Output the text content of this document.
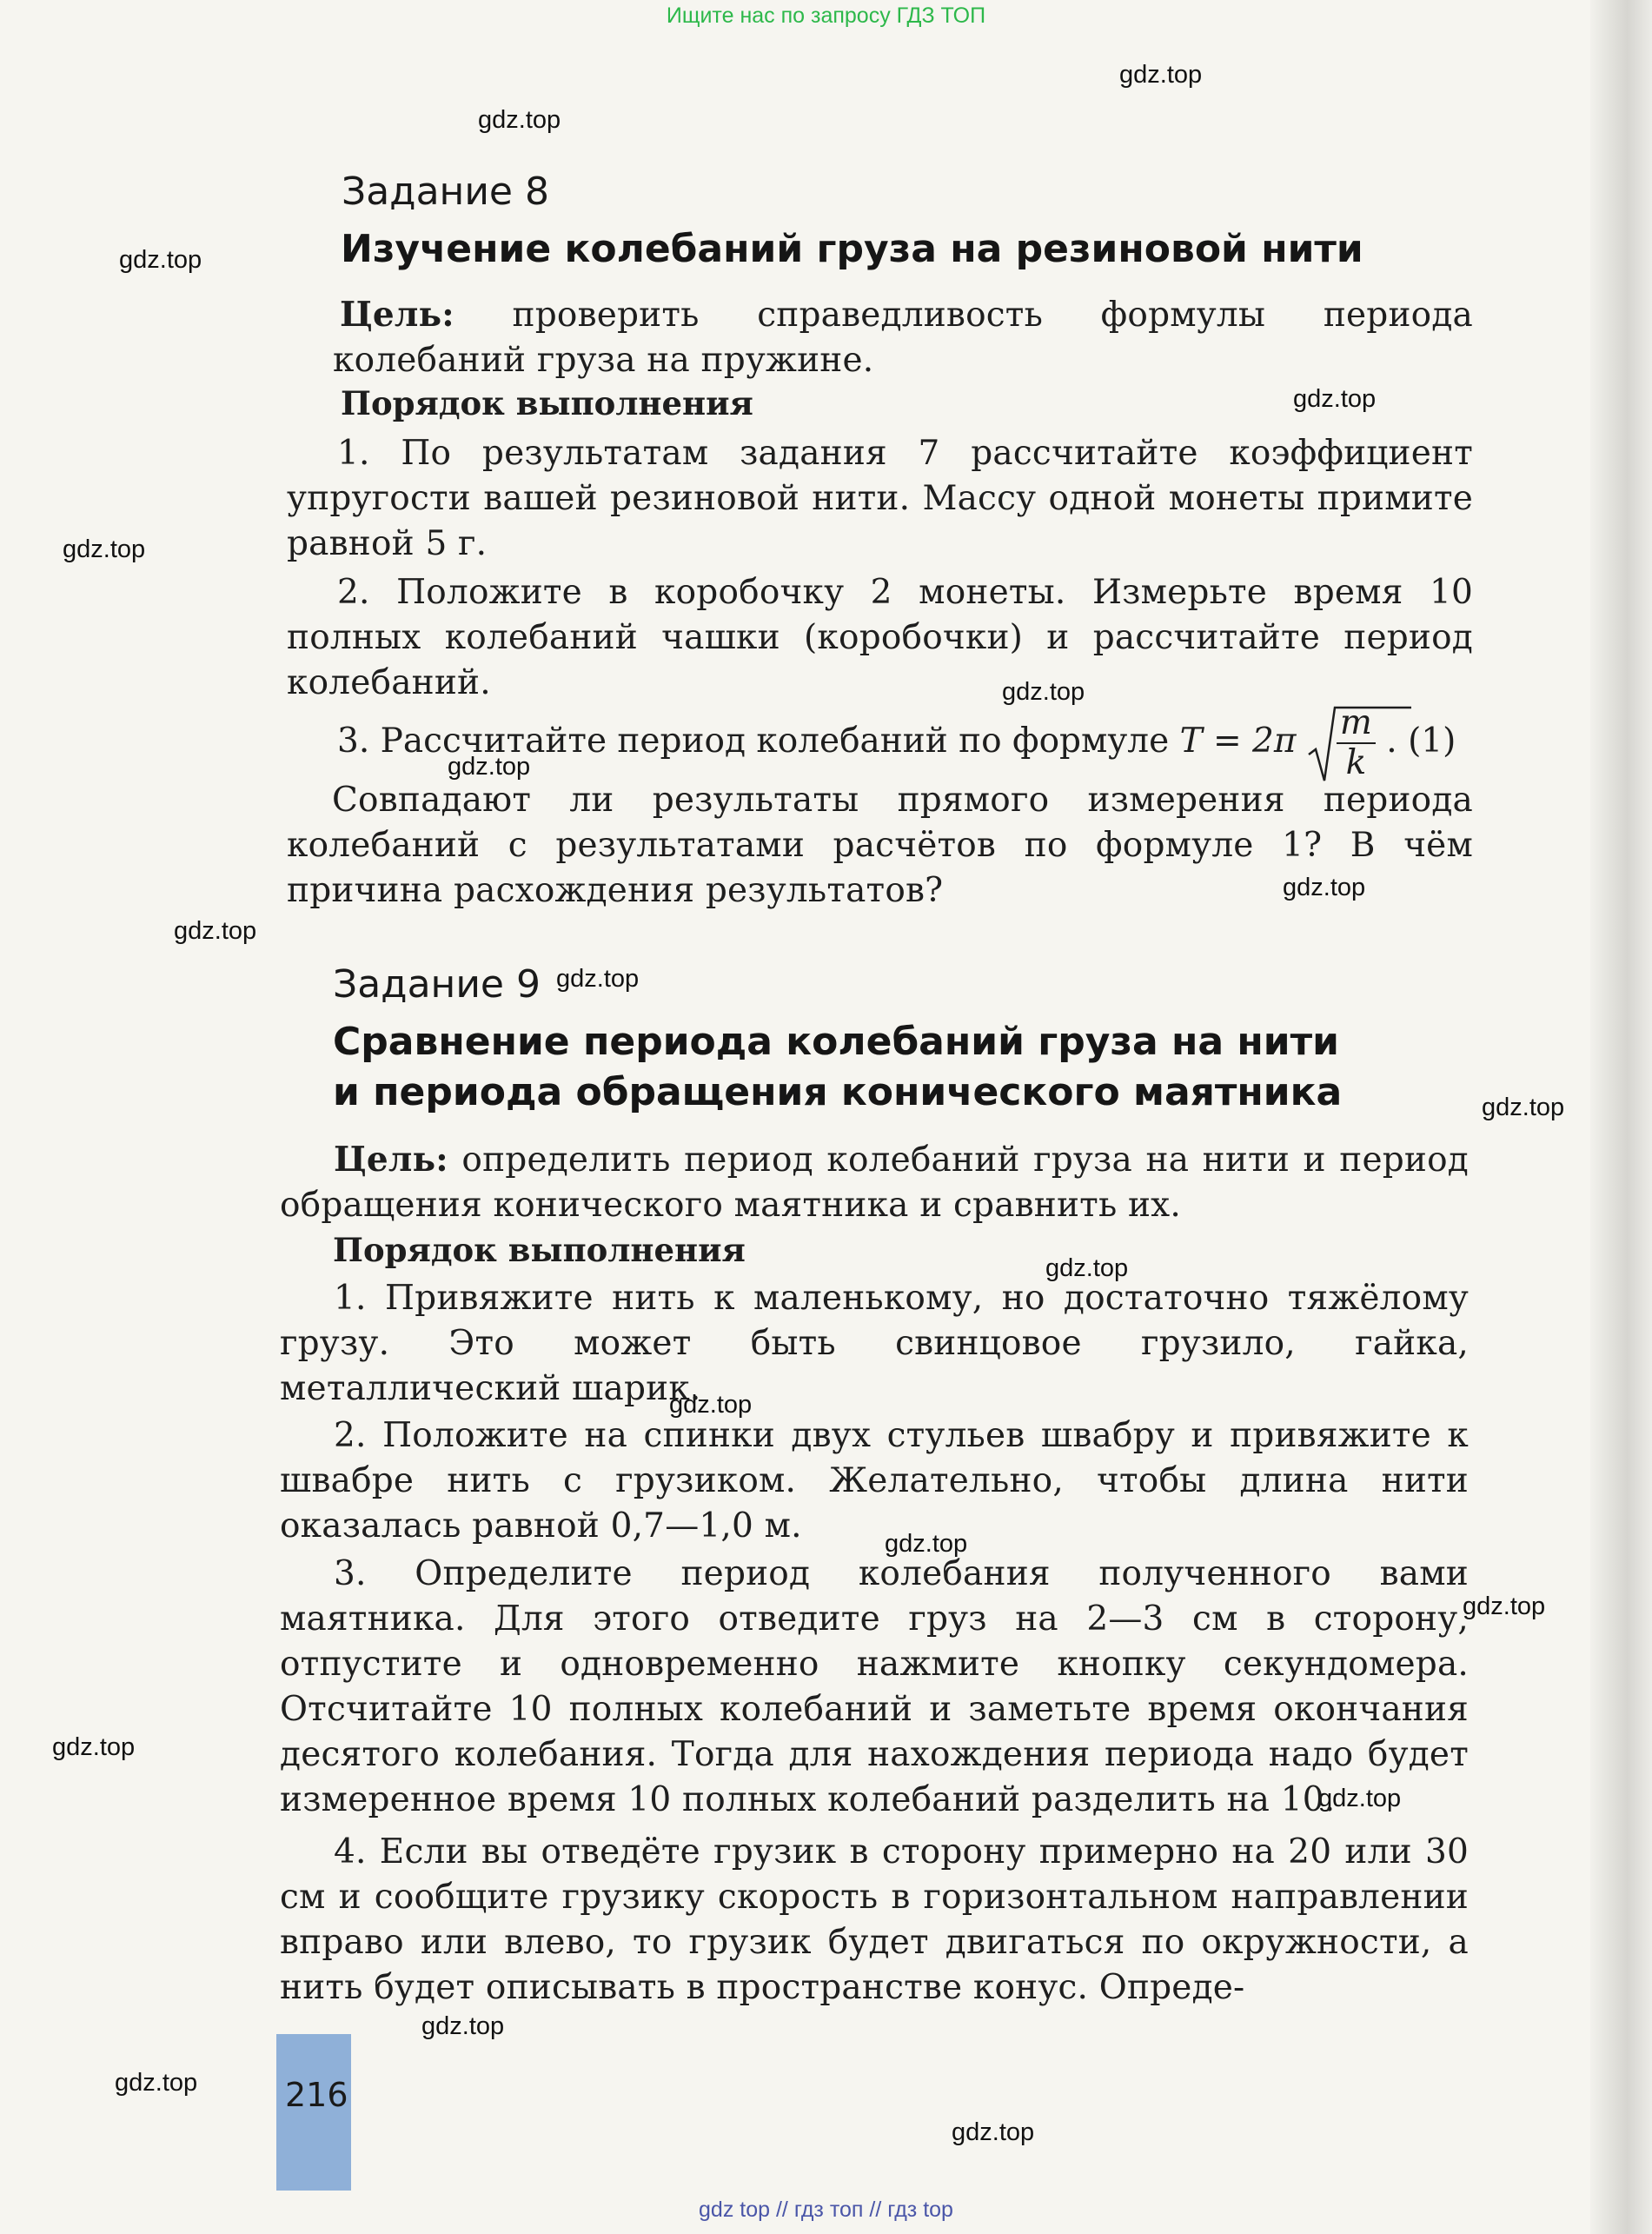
Ищите нас по запросу ГДЗ ТОП
gdz.top
gdz.top
gdz.top
gdz.top
gdz.top
gdz.top
gdz.top
gdz.top
gdz.top
gdz.top
gdz.top
gdz.top
gdz.top
gdz.top
gdz.top
gdz.top
gdz.top
gdz.top
gdz.top
gdz.top
Задание 8
Изучение колебаний груза на резиновой нити

Цель: проверить справедливость формулы периода колебаний груза на пружине.

Порядок выполнения

1. По результатам задания 7 рассчитайте коэффициент упругости вашей резиновой нити. Массу одной монеты примите равной 5 г.

2. Положите в коробочку 2 монеты. Измерьте время 10 полных колебаний чашки (коробочки) и рассчитайте период колебаний.

3. Рассчитайте период колебаний по формуле $T = 2\pi \frac{m}{k}$ . (1)

Совпадают ли результаты прямого измерения периода колебаний с результатами расчётов по формуле 1? В чём причина расхождения результатов?

Задание 9
Сравнение периода колебаний груза на нити
и периода обращения конического маятника

Цель: определить период колебаний груза на нити и период обращения конического маятника и сравнить их.

Порядок выполнения

1. Привяжите нить к маленькому, но достаточно тяжёлому грузу. Это может быть свинцовое грузило, гайка, металлический шарик.

2. Положите на спинки двух стульев швабру и привяжите к швабре нить с грузиком. Желательно, чтобы длина нити оказалась равной 0,7—1,0 м.

3. Определите период колебания полученного вами маятника. Для этого отведите груз на 2—3 см в сторону, отпустите и одновременно нажмите кнопку секундомера. Отсчитайте 10 полных колебаний и заметьте время окончания десятого колебания. Тогда для нахождения периода надо будет измеренное время 10 полных колебаний разделить на 10.

4. Если вы отведёте грузик в сторону примерно на 20 или 30 см и сообщите грузику скорость в горизонтальном направлении вправо или влево, то грузик будет двигаться по окружности, а нить будет описывать в пространстве конус. Опреде-

216
gdz top // гдз топ // гдз top
